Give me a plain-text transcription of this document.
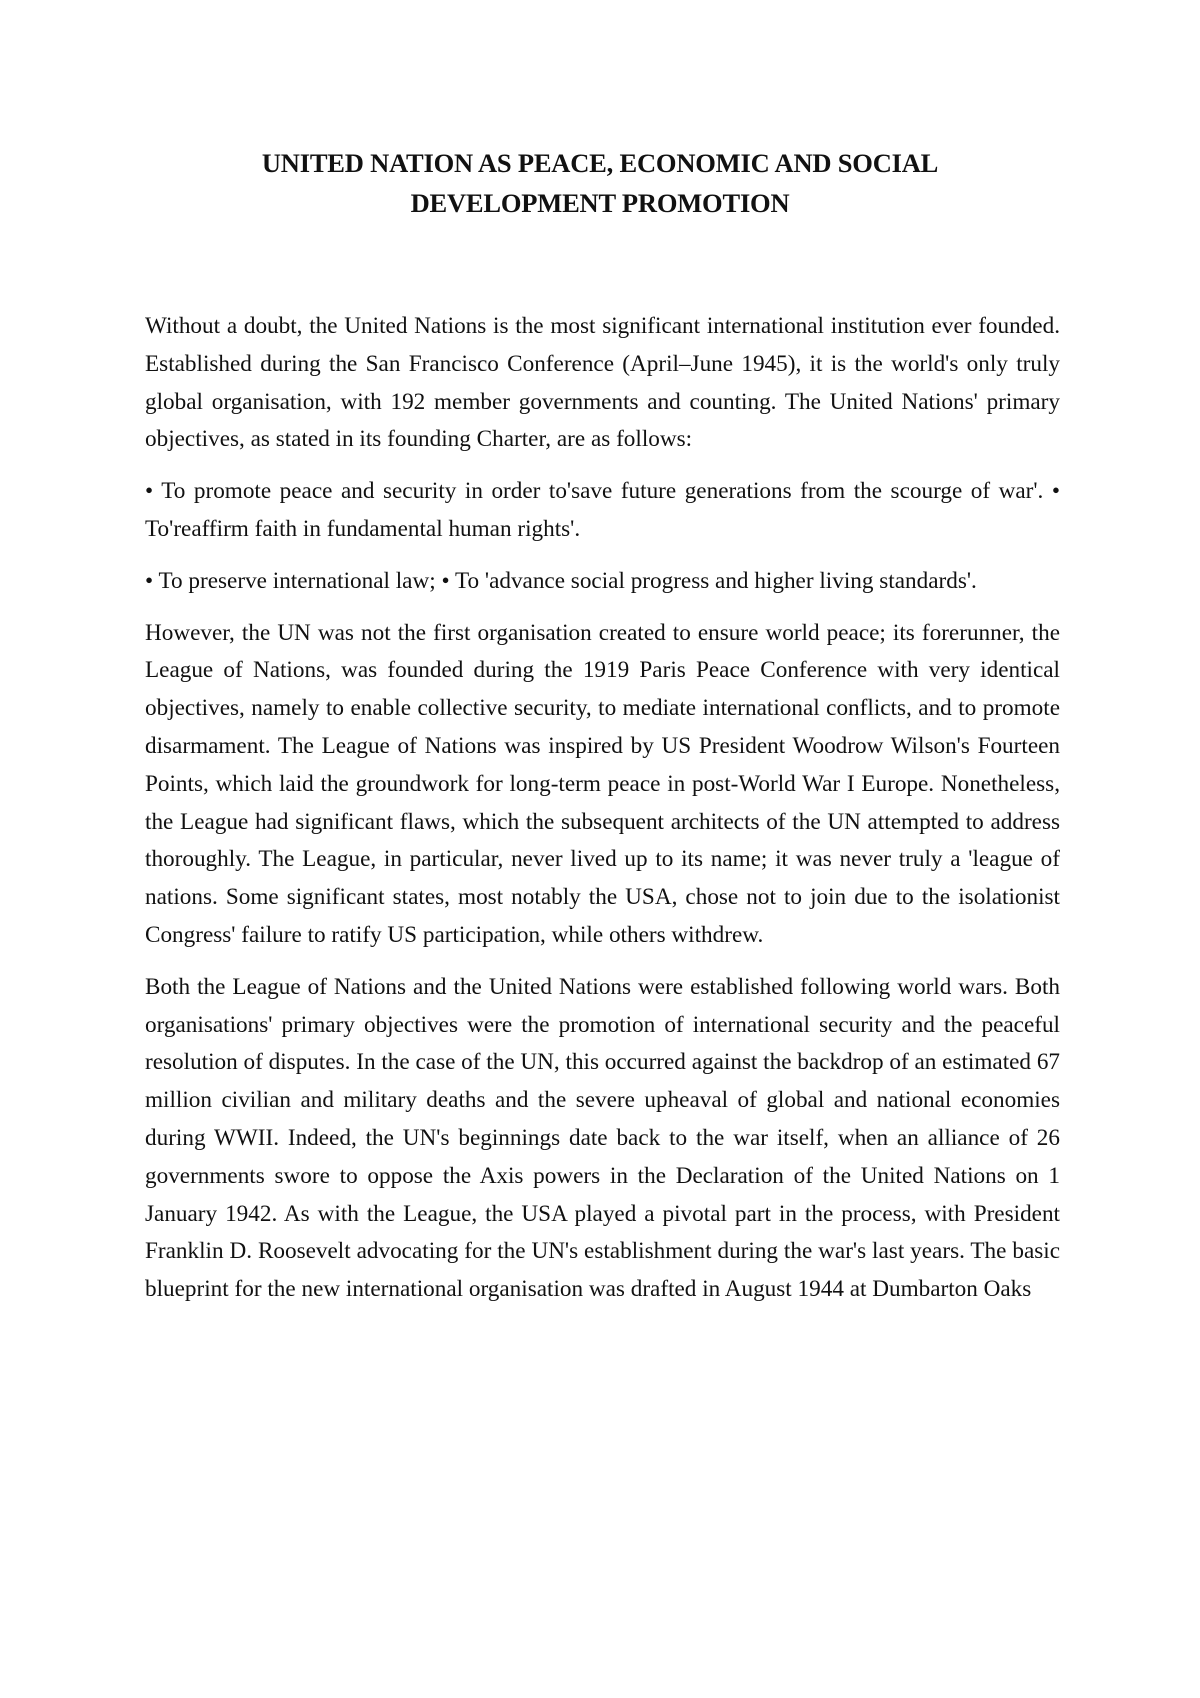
UNITED NATION AS PEACE, ECONOMIC AND SOCIAL
DEVELOPMENT PROMOTION

Without a doubt, the United Nations is the most significant international institution ever founded. Established during the San Francisco Conference (April–June 1945), it is the world's only truly global organisation, with 192 member governments and counting. The United Nations' primary objectives, as stated in its founding Charter, are as follows:

• To promote peace and security in order to'save future generations from the scourge of war'. • To'reaffirm faith in fundamental human rights'.

• To preserve international law; • To 'advance social progress and higher living standards'.

However, the UN was not the first organisation created to ensure world peace; its forerunner, the League of Nations, was founded during the 1919 Paris Peace Conference with very identical objectives, namely to enable collective security, to mediate international conflicts, and to promote disarmament. The League of Nations was inspired by US President Woodrow Wilson's Fourteen Points, which laid the groundwork for long-term peace in post-World War I Europe. Nonetheless, the League had significant flaws, which the subsequent architects of the UN attempted to address thoroughly. The League, in particular, never lived up to its name; it was never truly a 'league of nations. Some significant states, most notably the USA, chose not to join due to the isolationist Congress' failure to ratify US participation, while others withdrew.

Both the League of Nations and the United Nations were established following world wars. Both organisations' primary objectives were the promotion of international security and the peaceful resolution of disputes. In the case of the UN, this occurred against the backdrop of an estimated 67 million civilian and military deaths and the severe upheaval of global and national economies during WWII. Indeed, the UN's beginnings date back to the war itself, when an alliance of 26 governments swore to oppose the Axis powers in the Declaration of the United Nations on 1 January 1942. As with the League, the USA played a pivotal part in the process, with President Franklin D. Roosevelt advocating for the UN's establishment during the war's last years. The basic blueprint for the new international organisation was drafted in August 1944 at Dumbarton Oaks
